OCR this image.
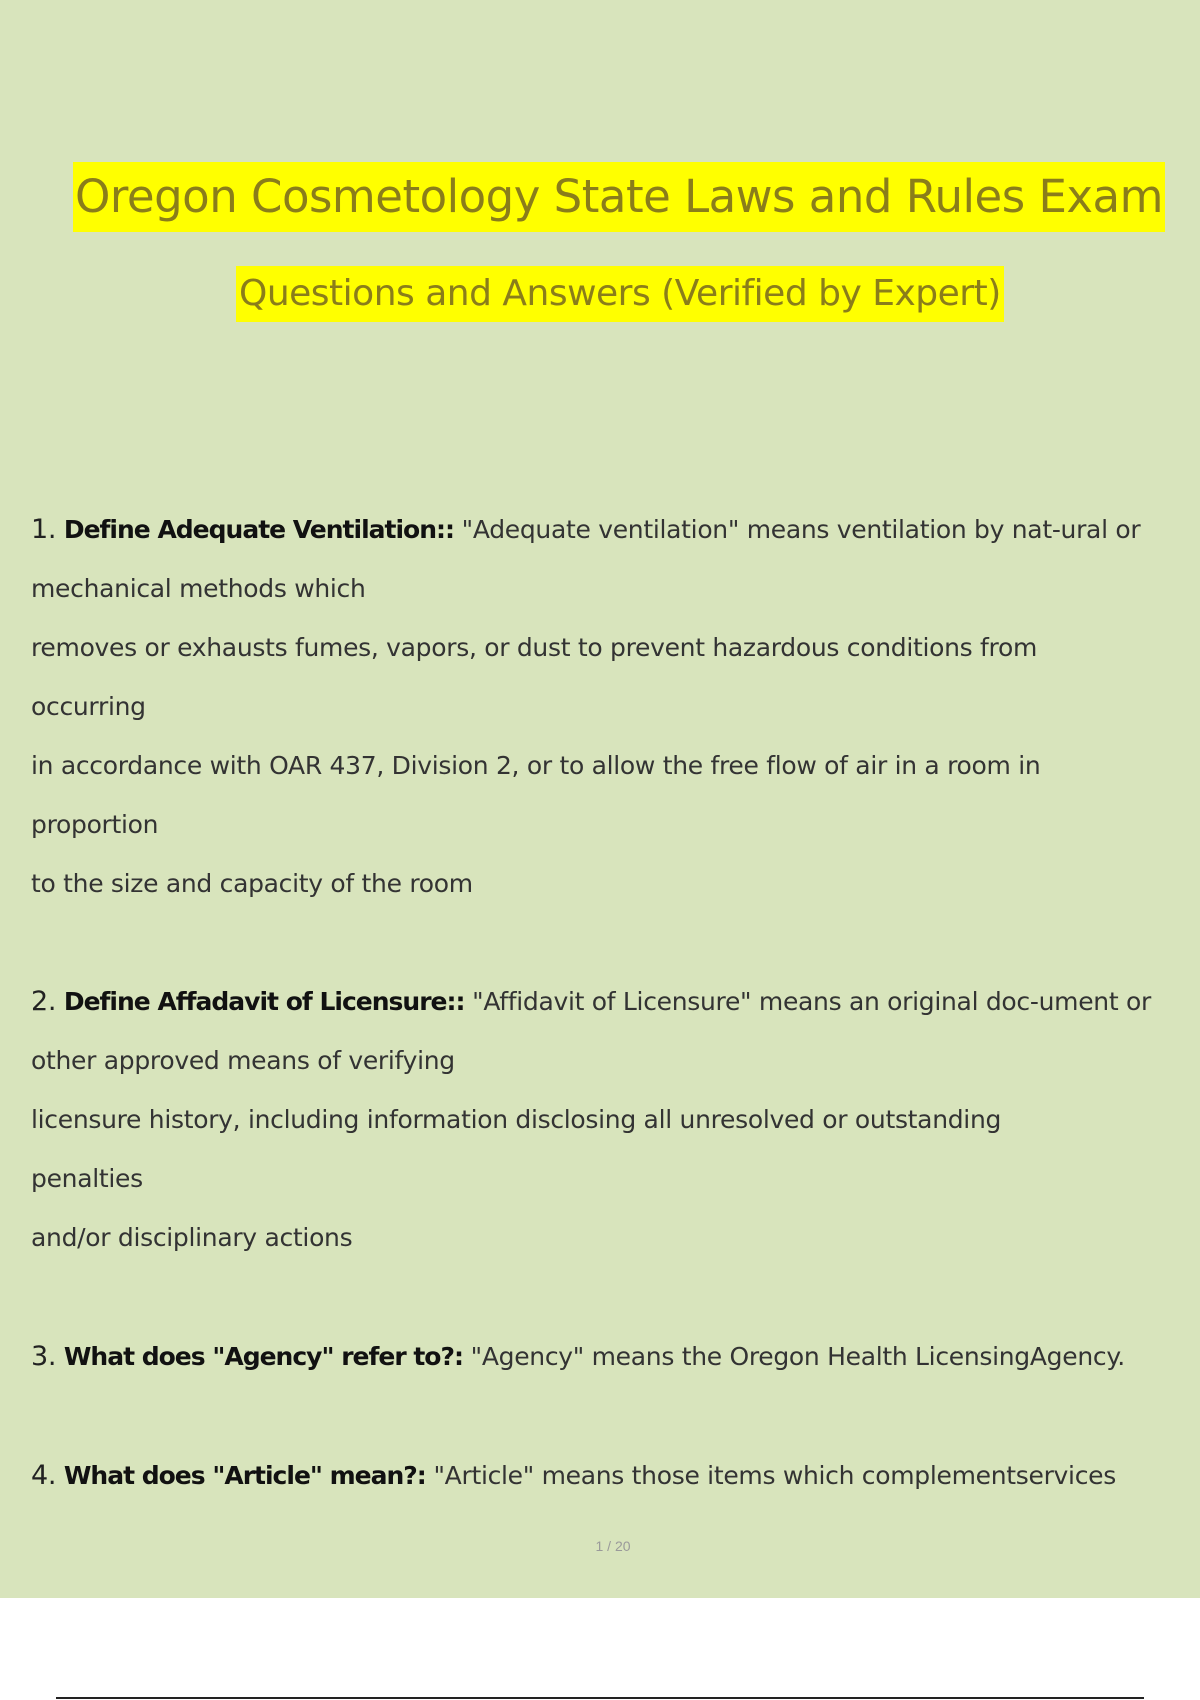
Oregon Cosmetology State Laws and Rules Exam
Questions and Answers (Verified by Expert)
1. Define Adequate Ventilation:: "Adequate ventilation" means ventilation by nat-ural or
mechanical methods which
removes or exhausts fumes, vapors, or dust to prevent hazardous conditions from
occurring
in accordance with OAR 437, Division 2, or to allow the free flow of air in a room in
proportion
to the size and capacity of the room
2. Define Affadavit of Licensure:: "Affidavit of Licensure" means an original doc-ument or
other approved means of verifying
licensure history, including information disclosing all unresolved or outstanding
penalties
and/or disciplinary actions
3. What does "Agency" refer to?: "Agency" means the Oregon Health LicensingAgency.
4. What does "Article" mean?: "Article" means those items which complementservices
1 / 20
